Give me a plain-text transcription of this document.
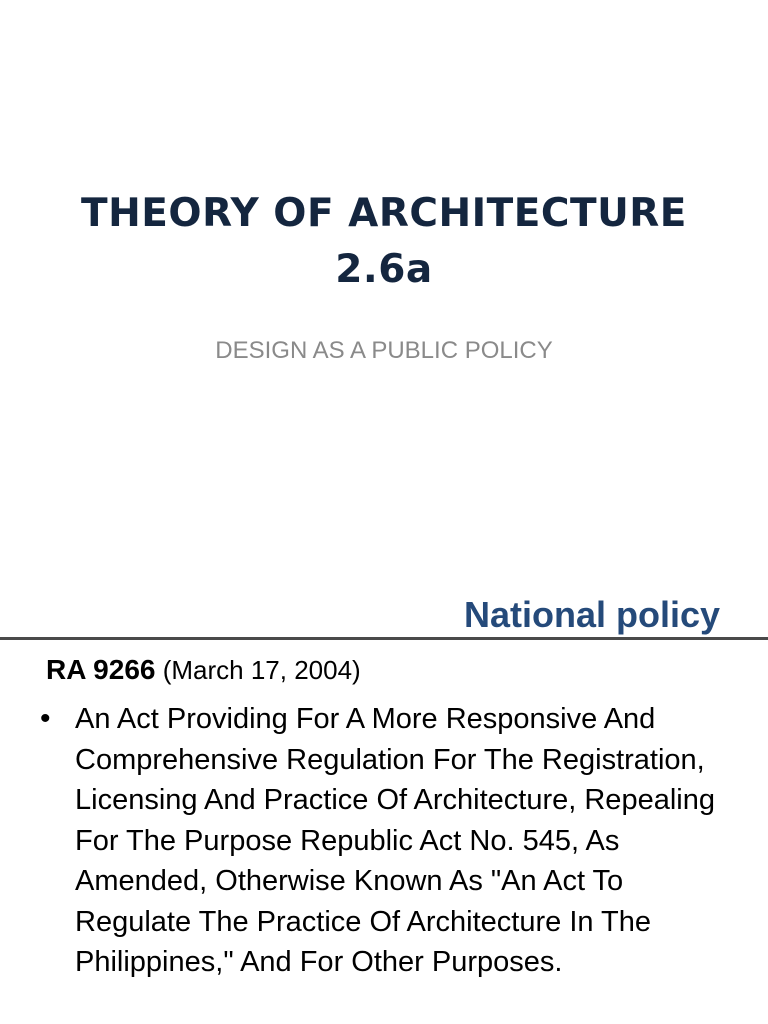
THEORY OF ARCHITECTURE
2.6a
DESIGN AS A PUBLIC POLICY
National policy
RA 9266 (March 17, 2004)
• An Act Providing For A More Responsive And Comprehensive Regulation For The Registration, Licensing And Practice Of Architecture, Repealing For The Purpose Republic Act No. 545, As Amended, Otherwise Known As "An Act To Regulate The Practice Of Architecture In The Philippines," And For Other Purposes.
